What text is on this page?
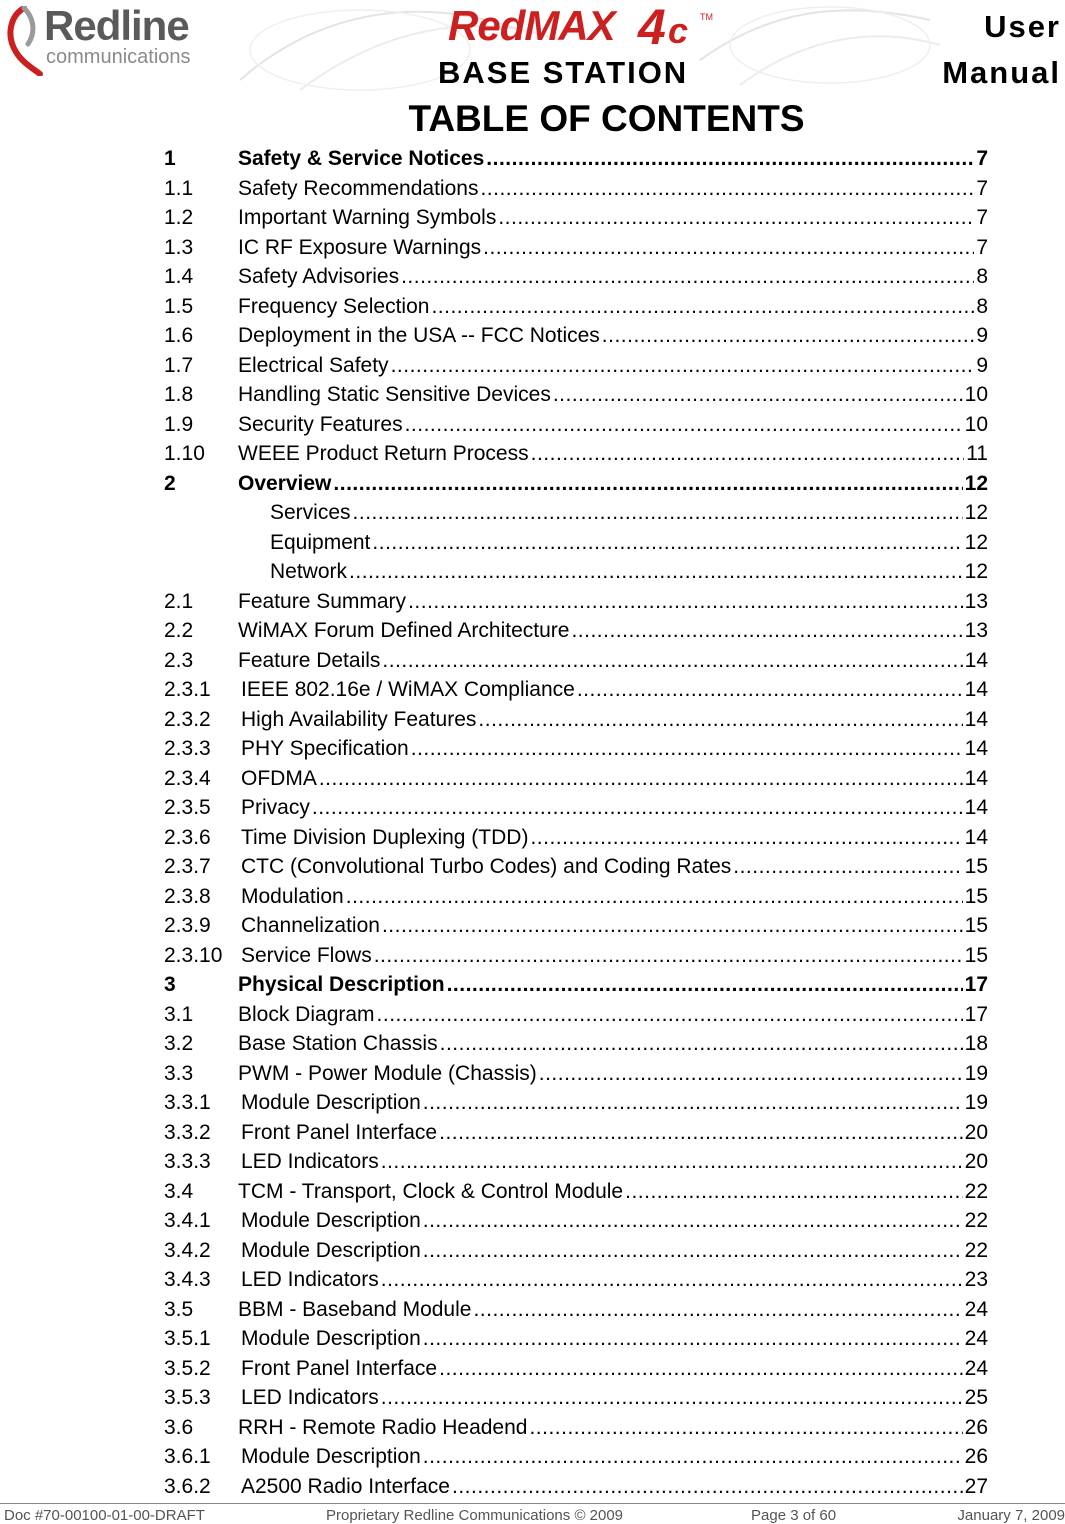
Redline
communications
RedMAX 4 c TM
BASE STATION
User
Manual
TABLE OF CONTENTS
1	Safety & Service Notices .....	7
1.1 Safety Recommendations .....	7
1.2 Important Warning Symbols .....	7
1.3 IC RF Exposure Warnings .....	7
1.4 Safety Advisories .....	8
1.5 Frequency Selection .....	8
1.6 Deployment in the USA -- FCC Notices .....	9
1.7 Electrical Safety .....	9
1.8 Handling Static Sensitive Devices .....	10
1.9 Security Features .....	10
1.10 WEEE Product Return Process .....	11
2	Overview .....	12
Services .....	12
Equipment .....	12
Network .....	12
2.1 Feature Summary .....	13
2.2 WiMAX Forum Defined Architecture .....	13
2.3 Feature Details .....	14
2.3.1 IEEE 802.16e / WiMAX Compliance .....	14
2.3.2 High Availability Features .....	14
2.3.3 PHY Specification .....	14
2.3.4 OFDMA .....	14
2.3.5 Privacy .....	14
2.3.6 Time Division Duplexing (TDD) .....	14
2.3.7 CTC (Convolutional Turbo Codes) and Coding Rates .....	15
2.3.8 Modulation .....	15
2.3.9 Channelization .....	15
2.3.10 Service Flows .....	15
3	Physical Description .....	17
3.1 Block Diagram .....	17
3.2 Base Station Chassis .....	18
3.3 PWM - Power Module (Chassis) .....	19
3.3.1 Module Description .....	19
3.3.2 Front Panel Interface .....	20
3.3.3 LED Indicators .....	20
3.4 TCM - Transport, Clock & Control Module .....	22
3.4.1 Module Description .....	22
3.4.2 Module Description .....	22
3.4.3 LED Indicators .....	23
3.5 BBM - Baseband Module .....	24
3.5.1 Module Description .....	24
3.5.2 Front Panel Interface .....	24
3.5.3 LED Indicators .....	25
3.6 RRH - Remote Radio Headend .....	26
3.6.1 Module Description .....	26
3.6.2 A2500 Radio Interface .....	27
Doc #70-00100-01-00-DRAFT	Proprietary Redline Communications © 2009	Page 3 of 60	January 7, 2009
